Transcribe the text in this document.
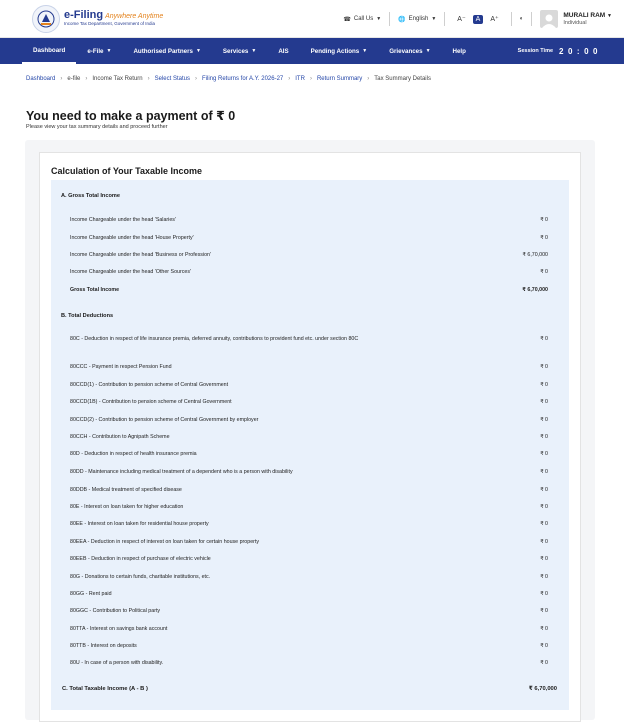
e-Filing Anywhere Anytime
Income Tax Department, Government of India
☎ Call Us ▼	🌐 English ▼	A⁻	A	A⁺	◐	MURALI RAM ▼
Individual
Dashboard	e-File ▼	Authorised Partners ▼	Services ▼	AIS	Pending Actions ▼	Grievances ▼	Help	Session Time 2 0 : 0 0
Dashboard › e-file › Income Tax Return › Select Status › Filing Returns for A.Y. 2026-27 › ITR › Return Summary › Tax Summary Details
You need to make a payment of ₹ 0
Please view your tax summary details and proceed further
Calculation of Your Taxable Income
A. Gross Total Income
Income Chargeable under the head 'Salaries'	₹ 0
Income Chargeable under the head 'House Property'	₹ 0
Income Chargeable under the head 'Business or Profession'	₹ 6,70,000
Income Chargeable under the head 'Other Sources'	₹ 0
Gross Total Income	₹ 6,70,000
B. Total Deductions
80C - Deduction in respect of life insurance premia, deferred annuity, contributions to provident fund etc. under section 80C	₹ 0
80CCC - Payment in respect Pension Fund	₹ 0
80CCD(1) - Contribution to pension scheme of Central Government	₹ 0
80CCD(1B) - Contribution to pension scheme of Central Government	₹ 0
80CCD(2) - Contribution to pension scheme of Central Government by employer	₹ 0
80CCH - Contribution to Agnipath Scheme	₹ 0
80D - Deduction in respect of health insurance premia	₹ 0
80DD - Maintenance including medical treatment of a dependent who is a person with disability	₹ 0
80DDB - Medical treatment of specified disease	₹ 0
80E - Interest on loan taken for higher education	₹ 0
80EE - Interest on loan taken for residential house property	₹ 0
80EEA - Deduction in respect of interest on loan taken for certain house property	₹ 0
80EEB - Deduction in respect of purchase of electric vehicle	₹ 0
80G - Donations to certain funds, charitable institutions, etc.	₹ 0
80GG - Rent paid	₹ 0
80GGC - Contribution to Political party	₹ 0
80TTA - Interest on savings bank account	₹ 0
80TTB - Interest on deposits	₹ 0
80U - In case of a person with disability.	₹ 0
C. Total Taxable Income (A - B )	₹ 6,70,000
